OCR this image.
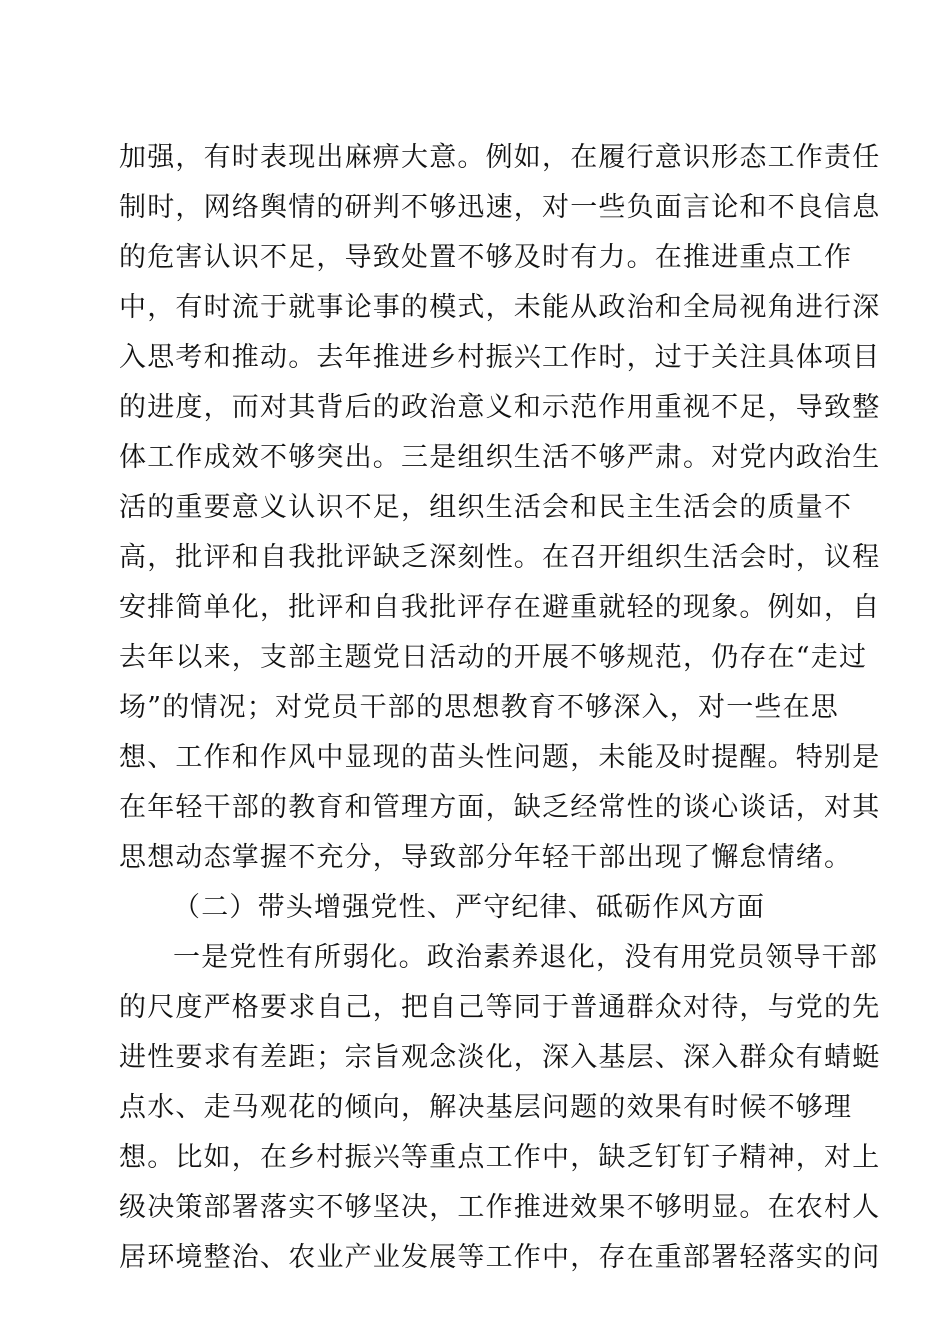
加强，有时表现出麻痹大意。例如，在履行意识形态工作责任
制时，网络舆情的研判不够迅速，对一些负面言论和不良信息
的危害认识不足，导致处置不够及时有力。在推进重点工作
中，有时流于就事论事的模式，未能从政治和全局视角进行深
入思考和推动。去年推进乡村振兴工作时，过于关注具体项目
的进度，而对其背后的政治意义和示范作用重视不足，导致整
体工作成效不够突出。三是组织生活不够严肃。对党内政治生
活的重要意义认识不足，组织生活会和民主生活会的质量不
高，批评和自我批评缺乏深刻性。在召开组织生活会时，议程
安排简单化，批评和自我批评存在避重就轻的现象。例如，自
去年以来，支部主题党日活动的开展不够规范，仍存在“走过
场”的情况；对党员干部的思想教育不够深入，对一些在思
想、工作和作风中显现的苗头性问题，未能及时提醒。特别是
在年轻干部的教育和管理方面，缺乏经常性的谈心谈话，对其
思想动态掌握不充分，导致部分年轻干部出现了懈怠情绪。
（二）带头增强党性、严守纪律、砥砺作风方面
一是党性有所弱化。政治素养退化，没有用党员领导干部
的尺度严格要求自己，把自己等同于普通群众对待，与党的先
进性要求有差距；宗旨观念淡化，深入基层、深入群众有蜻蜓
点水、走马观花的倾向，解决基层问题的效果有时候不够理
想。比如，在乡村振兴等重点工作中，缺乏钉钉子精神，对上
级决策部署落实不够坚决，工作推进效果不够明显。在农村人
居环境整治、农业产业发展等工作中，存在重部署轻落实的问
